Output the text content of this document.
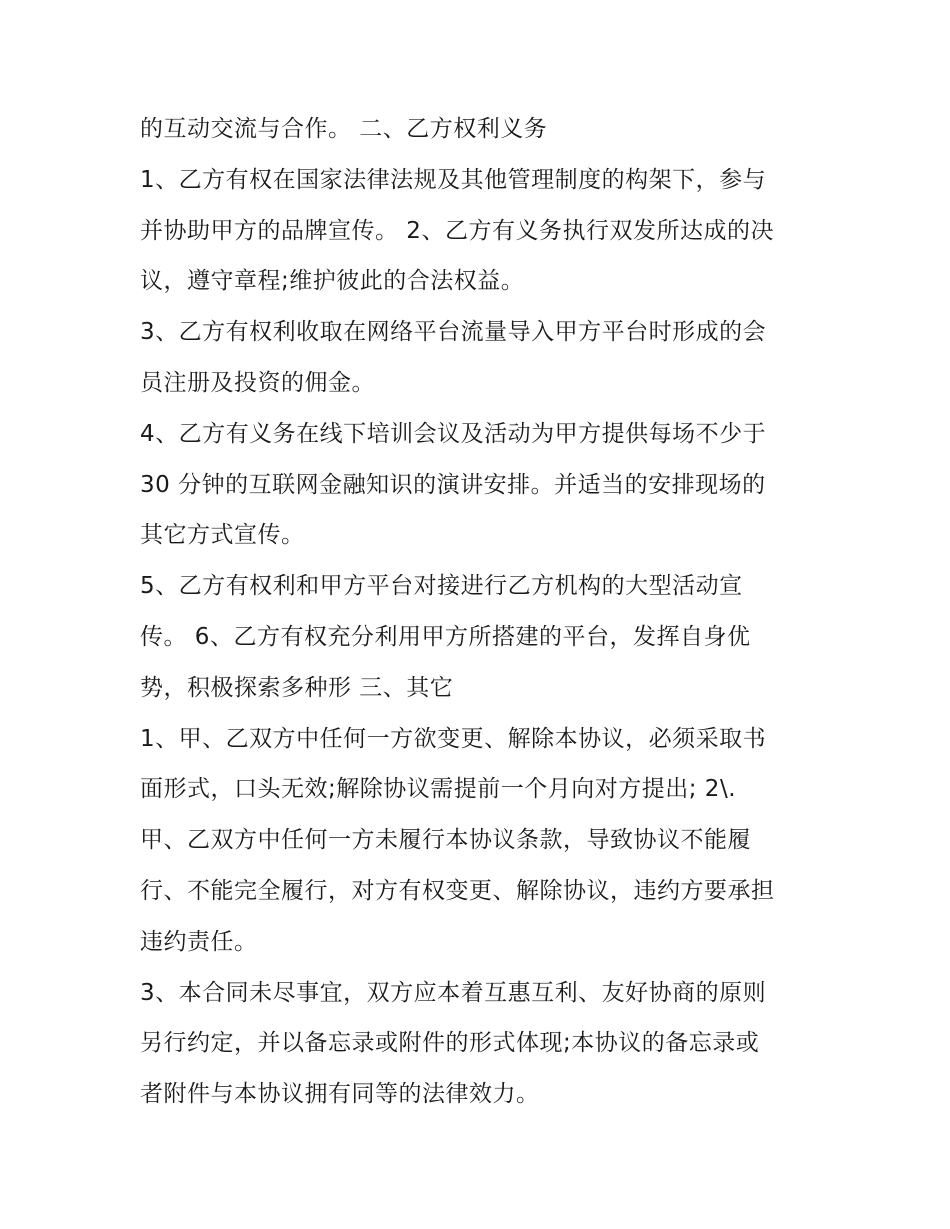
的互动交流与合作。 二、乙方权利义务
1、乙方有权在国家法律法规及其他管理制度的构架下，参与
并协助甲方的品牌宣传。 2、乙方有义务执行双发所达成的决
议，遵守章程;维护彼此的合法权益。
3、乙方有权利收取在网络平台流量导入甲方平台时形成的会
员注册及投资的佣金。
4、乙方有义务在线下培训会议及活动为甲方提供每场不少于
30 分钟的互联网金融知识的演讲安排。并适当的安排现场的
其它方式宣传。
5、乙方有权利和甲方平台对接进行乙方机构的大型活动宣
传。 6、乙方有权充分利用甲方所搭建的平台，发挥自身优
势，积极探索多种形 三、其它
1、甲、乙双方中任何一方欲变更、解除本协议，必须采取书
面形式，口头无效;解除协议需提前一个月向对方提出; 2\.
甲、乙双方中任何一方未履行本协议条款，导致协议不能履
行、不能完全履行，对方有权变更、解除协议，违约方要承担
违约责任。
3、本合同未尽事宜，双方应本着互惠互利、友好协商的原则
另行约定，并以备忘录或附件的形式体现;本协议的备忘录或
者附件与本协议拥有同等的法律效力。
